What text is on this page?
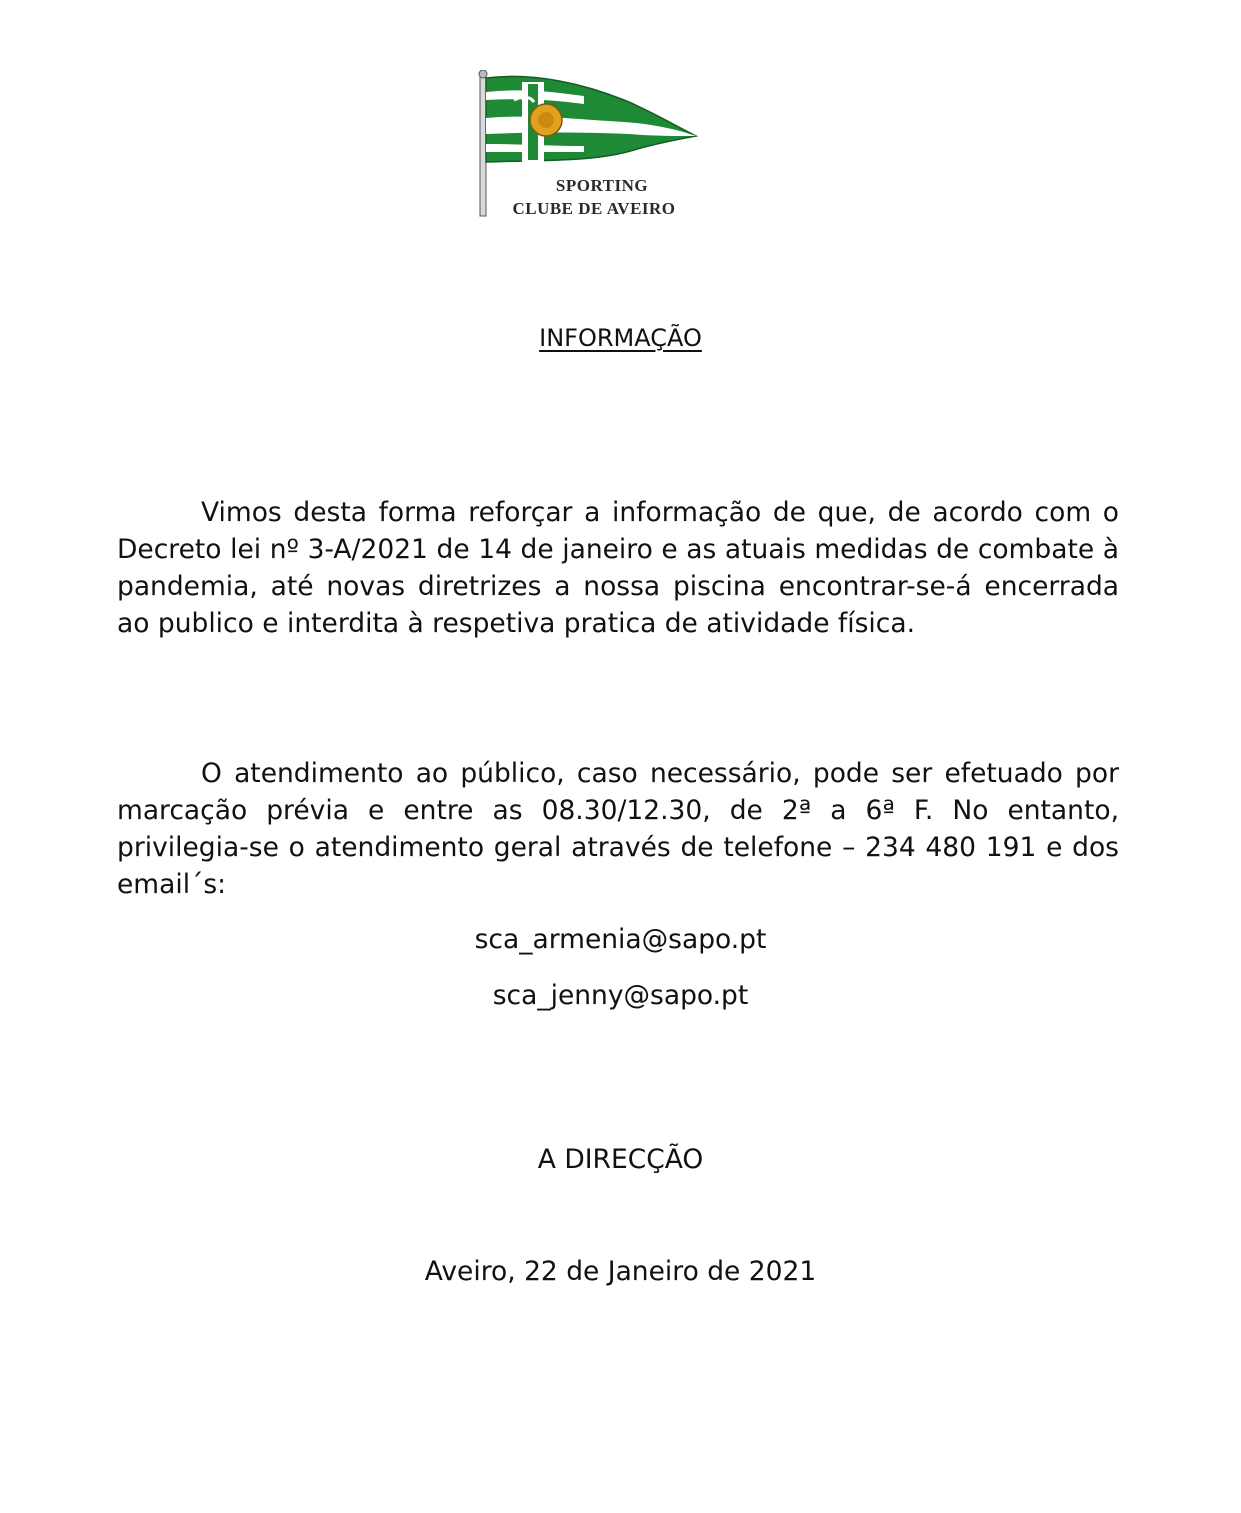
SPORTING
CLUBE DE AVEIRO
INFORMAÇÃO

Vimos desta forma reforçar a informação de que, de acordo com o Decreto lei nº 3-A/2021 de 14 de janeiro e as atuais medidas de combate à pandemia, até novas diretrizes a nossa piscina encontrar-se-á encerrada ao publico e interdita à respetiva pratica de atividade física.

O atendimento ao público, caso necessário, pode ser efetuado por marcação prévia e entre as 08.30/12.30, de 2ª a 6ª F. No entanto, privilegia-se o atendimento geral através de telefone – 234 480 191 e dos email´s:

sca_armenia@sapo.pt
sca_jenny@sapo.pt
A DIRECÇÃO
Aveiro, 22 de Janeiro de 2021
